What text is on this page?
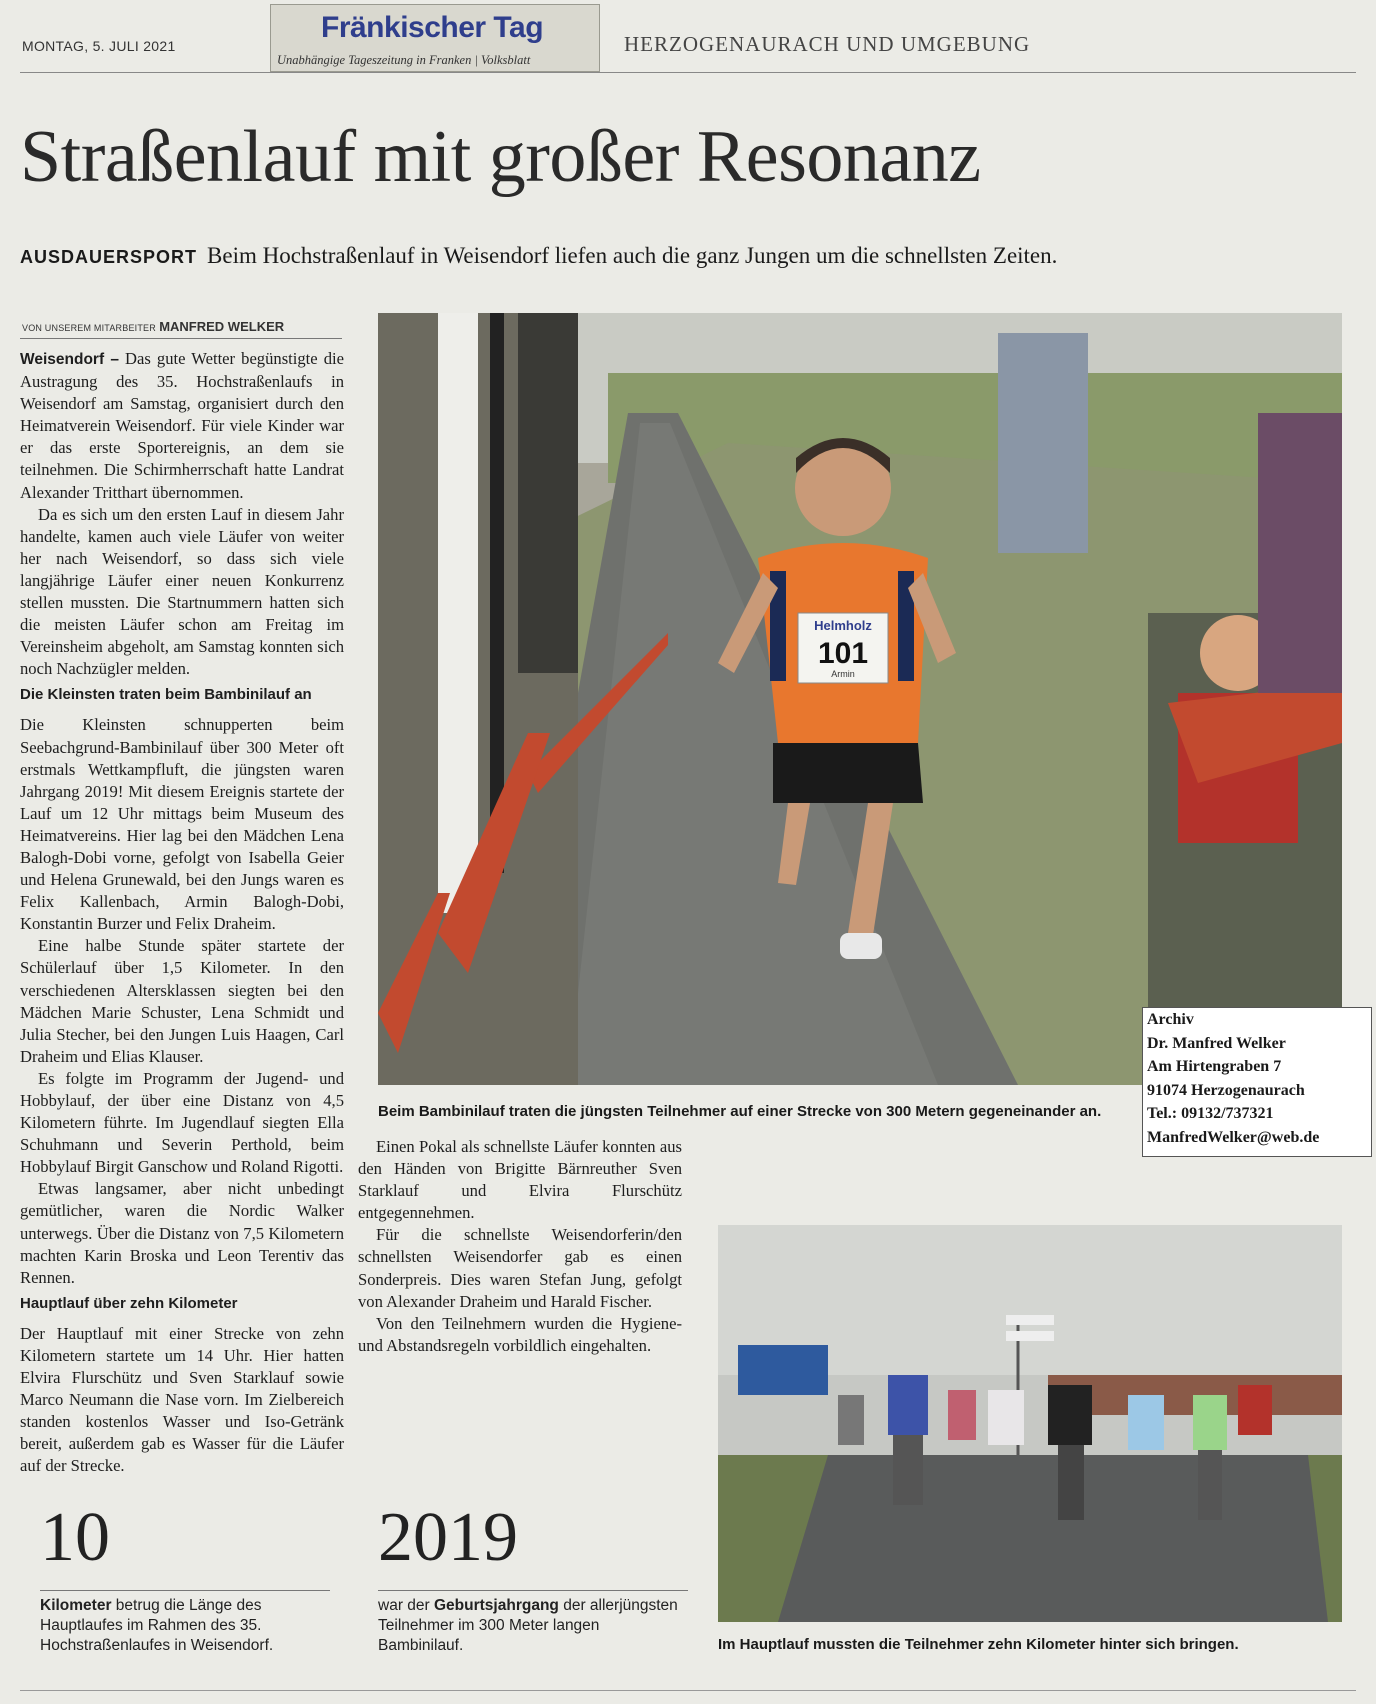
MONTAG, 5. JULI 2021
Fränkischer Tag
Unabhängige Tageszeitung in Franken | Volksblatt
HERZOGENAURACH UND UMGEBUNG
Straßenlauf mit großer Resonanz
AUSDAUERSPORT Beim Hochstraßenlauf in Weisendorf liefen auch die ganz Jungen um die schnellsten Zeiten.
VON UNSEREM MITARBEITER MANFRED WELKER

Weisendorf – Das gute Wetter begünstigte die Austragung des 35. Hochstraßenlaufs in Weisendorf am Samstag, organisiert durch den Heimatverein Weisendorf. Für viele Kinder war er das erste Sportereignis, an dem sie teilnehmen. Die Schirmherrschaft hatte Landrat Alexander Tritthart übernommen.

Da es sich um den ersten Lauf in diesem Jahr handelte, kamen auch viele Läufer von weiter her nach Weisendorf, so dass sich viele langjährige Läufer einer neuen Konkurrenz stellen mussten. Die Startnummern hatten sich die meisten Läufer schon am Freitag im Vereinsheim abgeholt, am Samstag konnten sich noch Nachzügler melden.

Die Kleinsten traten beim Bambinilauf an

Die Kleinsten schnupperten beim Seebachgrund-Bambinilauf über 300 Meter oft erstmals Wettkampfluft, die jüngsten waren Jahrgang 2019! Mit diesem Ereignis startete der Lauf um 12 Uhr mittags beim Museum des Heimatvereins. Hier lag bei den Mädchen Lena Balogh-Dobi vorne, gefolgt von Isabella Geier und Helena Grunewald, bei den Jungs waren es Felix Kallenbach, Armin Balogh-Dobi, Konstantin Burzer und Felix Draheim.

Eine halbe Stunde später startete der Schülerlauf über 1,5 Kilometer. In den verschiedenen Altersklassen siegten bei den Mädchen Marie Schuster, Lena Schmidt und Julia Stecher, bei den Jungen Luis Haagen, Carl Draheim und Elias Klauser.

Es folgte im Programm der Jugend- und Hobbylauf, der über eine Distanz von 4,5 Kilometern führte. Im Jugendlauf siegten Ella Schuhmann und Severin Perthold, beim Hobbylauf Birgit Ganschow und Roland Rigotti.

Etwas langsamer, aber nicht unbedingt gemütlicher, waren die Nordic Walker unterwegs. Über die Distanz von 7,5 Kilometern machten Karin Broska und Leon Terentiv das Rennen.

Hauptlauf über zehn Kilometer

Der Hauptlauf mit einer Strecke von zehn Kilometern startete um 14 Uhr. Hier hatten Elvira Flurschütz und Sven Starklauf sowie Marco Neumann die Nase vorn. Im Zielbereich standen kostenlos Wasser und Iso-Getränk bereit, außerdem gab es Wasser für die Läufer auf der Strecke.

Einen Pokal als schnellste Läufer konnten aus den Händen von Brigitte Bärnreuther Sven Starklauf und Elvira Flurschütz entgegennehmen.

Für die schnellste Weisendorferin/den schnellsten Weisendorfer gab es einen Sonderpreis. Dies waren Stefan Jung, gefolgt von Alexander Draheim und Harald Fischer.

Von den Teilnehmern wurden die Hygiene- und Abstandsregeln vorbildlich eingehalten.

Helmholz
101
Armin
Beim Bambinilauf traten die jüngsten Teilnehmer auf einer Strecke von 300 Metern gegeneinander an.
Archiv
Dr. Manfred Welker
Am Hirtengraben 7
91074 Herzogenaurach
Tel.: 09132/737321
ManfredWelker@web.de
Im Hauptlauf mussten die Teilnehmer zehn Kilometer hinter sich bringen.
10
Kilometer betrug die Länge des Hauptlaufes im Rahmen des 35. Hochstraßenlaufes in Weisendorf.
2019
war der Geburtsjahrgang der allerjüngsten Teilnehmer im 300 Meter langen Bambinilauf.
